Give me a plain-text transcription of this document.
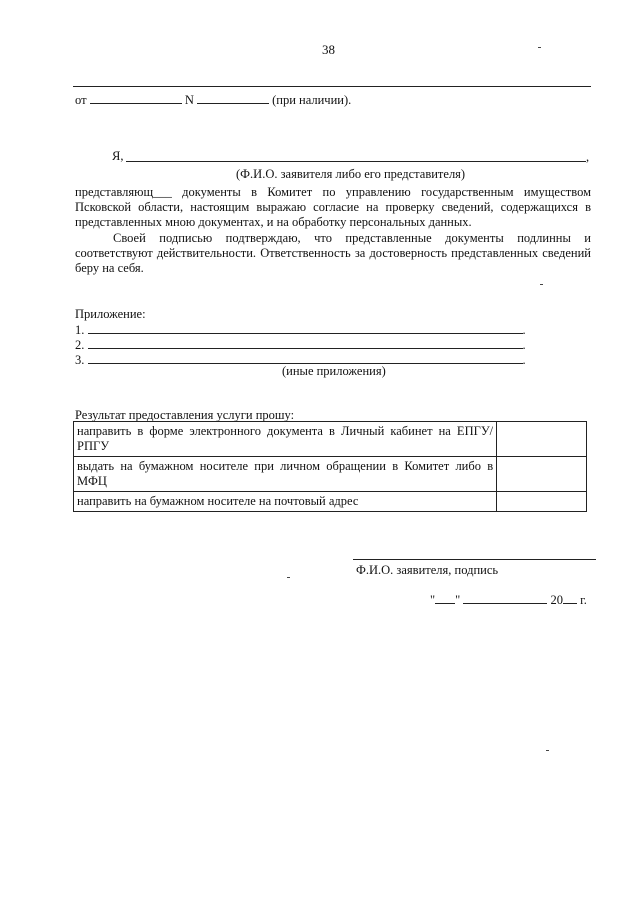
38
от	N	(при наличии).
Я,	,
(Ф.И.О. заявителя либо его представителя)
представляющ___ документы в Комитет по управлению государственным имуществом Псковской области, настоящим выражаю согласие на проверку сведений, содержащихся в представленных мною документах, и на обработку персональных данных.
Своей подписью подтверждаю, что представленные документы подлинны и соответствуют действительности. Ответственность за достоверность представленных сведений беру на себя.
Приложение:
1.	.
2.	.
3.	.
(иные приложения)
Результат предоставления услуги прошу:
направить в форме электронного документа в Личный кабинет на ЕПГУ/РПГУ	
выдать на бумажном носителе при личном обращении в Комитет либо в МФЦ	
направить на бумажном носителе на почтовый адрес	
Ф.И.О. заявителя, подпись
" "	20 г.
